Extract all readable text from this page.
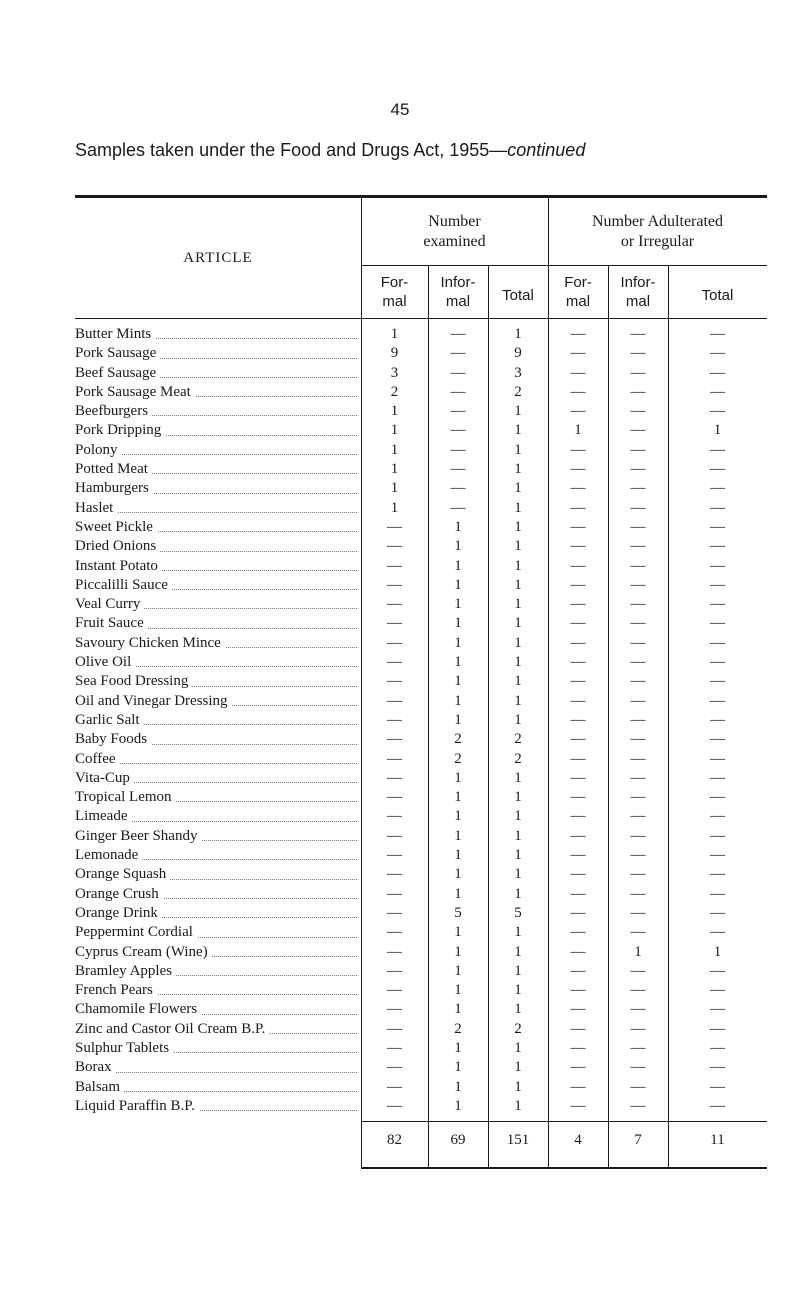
45
Samples taken under the Food and Drugs Act, 1955—continued
ARTICLE
Number
examined
Number Adulterated
or Irregular
For-
mal
Infor-
mal	Total
For-
mal
Infor-
mal	Total
Butter Mints	1	—	1	—	—	—
Pork Sausage	9	—	9	—	—	—
Beef Sausage	3	—	3	—	—	—
Pork Sausage Meat	2	—	2	—	—	—
Beefburgers	1	—	1	—	—	—
Pork Dripping	1	—	1	1	—	1
Polony	1	—	1	—	—	—
Potted Meat	1	—	1	—	—	—
Hamburgers	1	—	1	—	—	—
Haslet	1	—	1	—	—	—
Sweet Pickle	—	1	1	—	—	—
Dried Onions	—	1	1	—	—	—
Instant Potato	—	1	1	—	—	—
Piccalilli Sauce	—	1	1	—	—	—
Veal Curry	—	1	1	—	—	—
Fruit Sauce	—	1	1	—	—	—
Savoury Chicken Mince	—	1	1	—	—	—
Olive Oil	—	1	1	—	—	—
Sea Food Dressing	—	1	1	—	—	—
Oil and Vinegar Dressing	—	1	1	—	—	—
Garlic Salt	—	1	1	—	—	—
Baby Foods	—	2	2	—	—	—
Coffee	—	2	2	—	—	—
Vita-Cup	—	1	1	—	—	—
Tropical Lemon	—	1	1	—	—	—
Limeade	—	1	1	—	—	—
Ginger Beer Shandy	—	1	1	—	—	—
Lemonade	—	1	1	—	—	—
Orange Squash	—	1	1	—	—	—
Orange Crush	—	1	1	—	—	—
Orange Drink	—	5	5	—	—	—
Peppermint Cordial	—	1	1	—	—	—
Cyprus Cream (Wine)	—	1	1	—	1	1
Bramley Apples	—	1	1	—	—	—
French Pears	—	1	1	—	—	—
Chamomile Flowers	—	1	1	—	—	—
Zinc and Castor Oil Cream B.P.	—	2	2	—	—	—
Sulphur Tablets	—	1	1	—	—	—
Borax	—	1	1	—	—	—
Balsam	—	1	1	—	—	—
Liquid Paraffin B.P.	—	1	1	—	—	—
82	69	151	4	7	11
